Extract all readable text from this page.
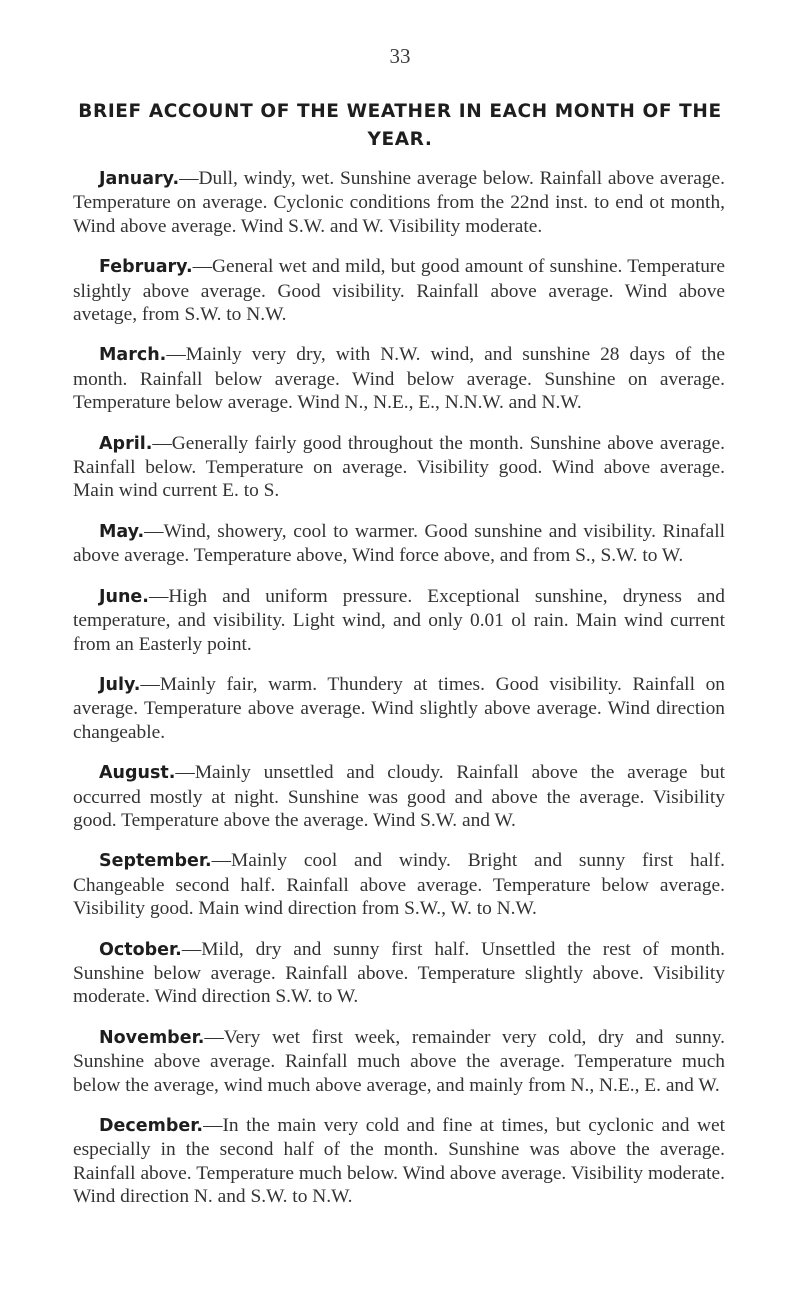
33
BRIEF ACCOUNT OF THE WEATHER IN EACH MONTH OF THE YEAR.

January.—Dull, windy, wet. Sunshine average below. Rainfall above average. Temperature on average. Cyclonic conditions from the 22nd inst. to end ot month, Wind above average. Wind S.W. and W. Visibility moderate.

February.—General wet and mild, but good amount of sunshine. Temperature slightly above average. Good visibility. Rainfall above average. Wind above avetage, from S.W. to N.W.

March.—Mainly very dry, with N.W. wind, and sunshine 28 days of the month. Rainfall below average. Wind below average. Sunshine on average. Temperature below average. Wind N., N.E., E., N.N.W. and N.W.

April.—Generally fairly good throughout the month. Sunshine above average. Rainfall below. Temperature on average. Visibility good. Wind above average. Main wind current E. to S.

May.—Wind, showery, cool to warmer. Good sunshine and visibility. Rinafall above average. Temperature above, Wind force above, and from S., S.W. to W.

June.—High and uniform pressure. Exceptional sunshine, dryness and temperature, and visibility. Light wind, and only 0.01 ol rain. Main wind current from an Easterly point.

July.—Mainly fair, warm. Thundery at times. Good visibility. Rainfall on average. Temperature above average. Wind slightly above average. Wind direction changeable.

August.—Mainly unsettled and cloudy. Rainfall above the average but occurred mostly at night. Sunshine was good and above the average. Visibility good. Temperature above the average. Wind S.W. and W.

September.—Mainly cool and windy. Bright and sunny first half. Changeable second half. Rainfall above average. Temperature below average. Visibility good. Main wind direction from S.W., W. to N.W.

October.—Mild, dry and sunny first half. Unsettled the rest of month. Sunshine below average. Rainfall above. Temperature slightly above. Visibility moderate. Wind direction S.W. to W.

November.—Very wet first week, remainder very cold, dry and sunny. Sunshine above average. Rainfall much above the average. Temperature much below the average, wind much above average, and mainly from N., N.E., E. and W.

December.—In the main very cold and fine at times, but cyclonic and wet especially in the second half of the month. Sunshine was above the average. Rainfall above. Temperature much below. Wind above average. Visibility moderate. Wind direction N. and S.W. to N.W.
